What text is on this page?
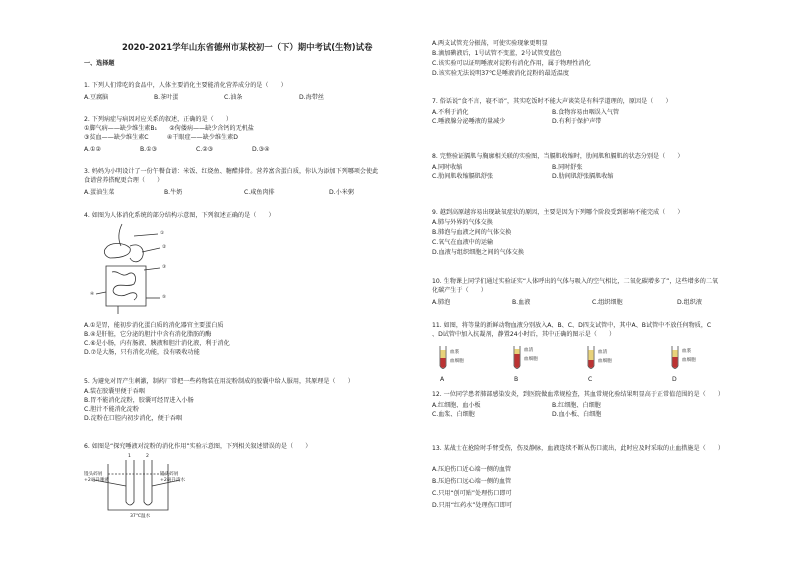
2020-2021学年山东省德州市某校初一（下）期中考试(生物)试卷
一、选择题
1. 下列人们常吃的食品中，人体主要消化主要能消化营养成分的是（　　）
A.豆腐脑	B.茶叶蛋	C.油条	D.海带丝
2. 下列病症与病因对应关系的叙述，正确的是（　　）
①脚气病——缺少维生素B₁　　②佝偻病——缺少含钙的无机盐
③贫血——缺少维生素C　　　④干眼症——缺少维生素D
A.①②	B.①③	C.②③	D.③④
3. 妈妈为小明设计了一份午餐食谱：米饭、红烧鱼、糖醋排骨。营养富含蛋白质，你认为添加下列哪项会使此
食谱营养搭配更合理（　　）
A.蛋油生菜	B.牛奶	C.咸鱼肉排	D.小米粥
4. 如图为人体消化系统的部分结构示意图，下列叙述正确的是（　　）
①
②
③
④
⑤
A.①是胃，能初步消化蛋白质的消化器官主要蛋白质
B.④是肝脏，它分泌的胆汁中含有消化脂肪的酶
C.⑥是小肠，内有肠液、胰液和胆汁消化液，利于消化
D.⑦是大肠，只有消化功能，没有吸收功能
5. 为避免对胃产生刺激，制药厂常把一些药物装在用淀粉制成的胶囊中给人服用，其原理是（　　）
A.装在胶囊里便于吞咽
B.胃不能消化淀粉，胶囊可经胃进入小肠
C.胆汁不能消化淀粉
D.淀粉在口腔内初步消化，便于吞咽
6. 如图是“探究唾液对淀粉的消化作用”实验示意图，下列相关叙述错误的是（　　）
1	2
馒头碎屑
+2毫升唾液
馒头碎屑
+2毫升清水
37℃温水
A.两支试管充分振荡，可使实验现象更明显
B.滴加碘液后，1号试管不变蓝，2号试管变蓝色
C.该实验可以证明唾液对淀粉有消化作用，属于物理性消化
D.该实验无法说明37℃是唾液消化淀粉的最适温度
7. 俗话说“食不言，寝不语”，其实吃饭时不能大声谈笑是有科学道理的，原因是（　　）
A.不利于消化	B.食物容易由咽误入气管
C.唾液腺分泌唾液的量减少	D.有利于保护声带
8. 完整验证膈肌与胸廓相关联的实验图，当膈肌收缩时，肋间肌和膈肌的状态分别是（　　）
A.同时收缩	B.同时舒张
C.肋间肌收缩膈肌舒张	D.肋间肌舒张膈肌收缩
9. 越到高原越容易出现缺氧症状的原因，主要是因为下列哪个阶段受到影响不能完成（　　）
A.肺与外界的气体交换
B.肺泡与血液之间的气体交换
C.氧气在血液中的运输
D.血液与组织细胞之间的气体交换
10. 生物课上同学们通过实验证实“人体呼出的气体与吸入的空气相比，二氧化碳增多了”，这些增多的二氧
化碳产生于（　　）
A.肺泡	B.血液	C.组织细胞	D.组织液
11. 如图，将等量的新鲜动物血液分别放入A、B、C、D四支试管中，其中A、B试管中不放任何物质，C
、D试管中加入抗凝剂，静置24小时后，其中正确的图示是（　　）
血浆
血细胞
血清
血细胞
血清
血细胞
血浆
血细胞
A	B	C	D
12. 一位同学患者肺部感染发炎，到医院做血常规检查，其血常规化验结果明显高于正常值范围的是（　　）
A.红细胞、血小板	B.红细胞、白细胞
C.血浆、白细胞	D.血小板、白细胞
13. 某战士在抢险时手臂受伤，伤及静脉，血液连续不断从伤口流出，此时应及时采取的止血措施是（　　）
A.压迫伤口近心端一侧的血管
B.压迫伤口远心端一侧的血管
C.只用“创可贴”处理伤口即可
D.只用“红药水”处理伤口即可
